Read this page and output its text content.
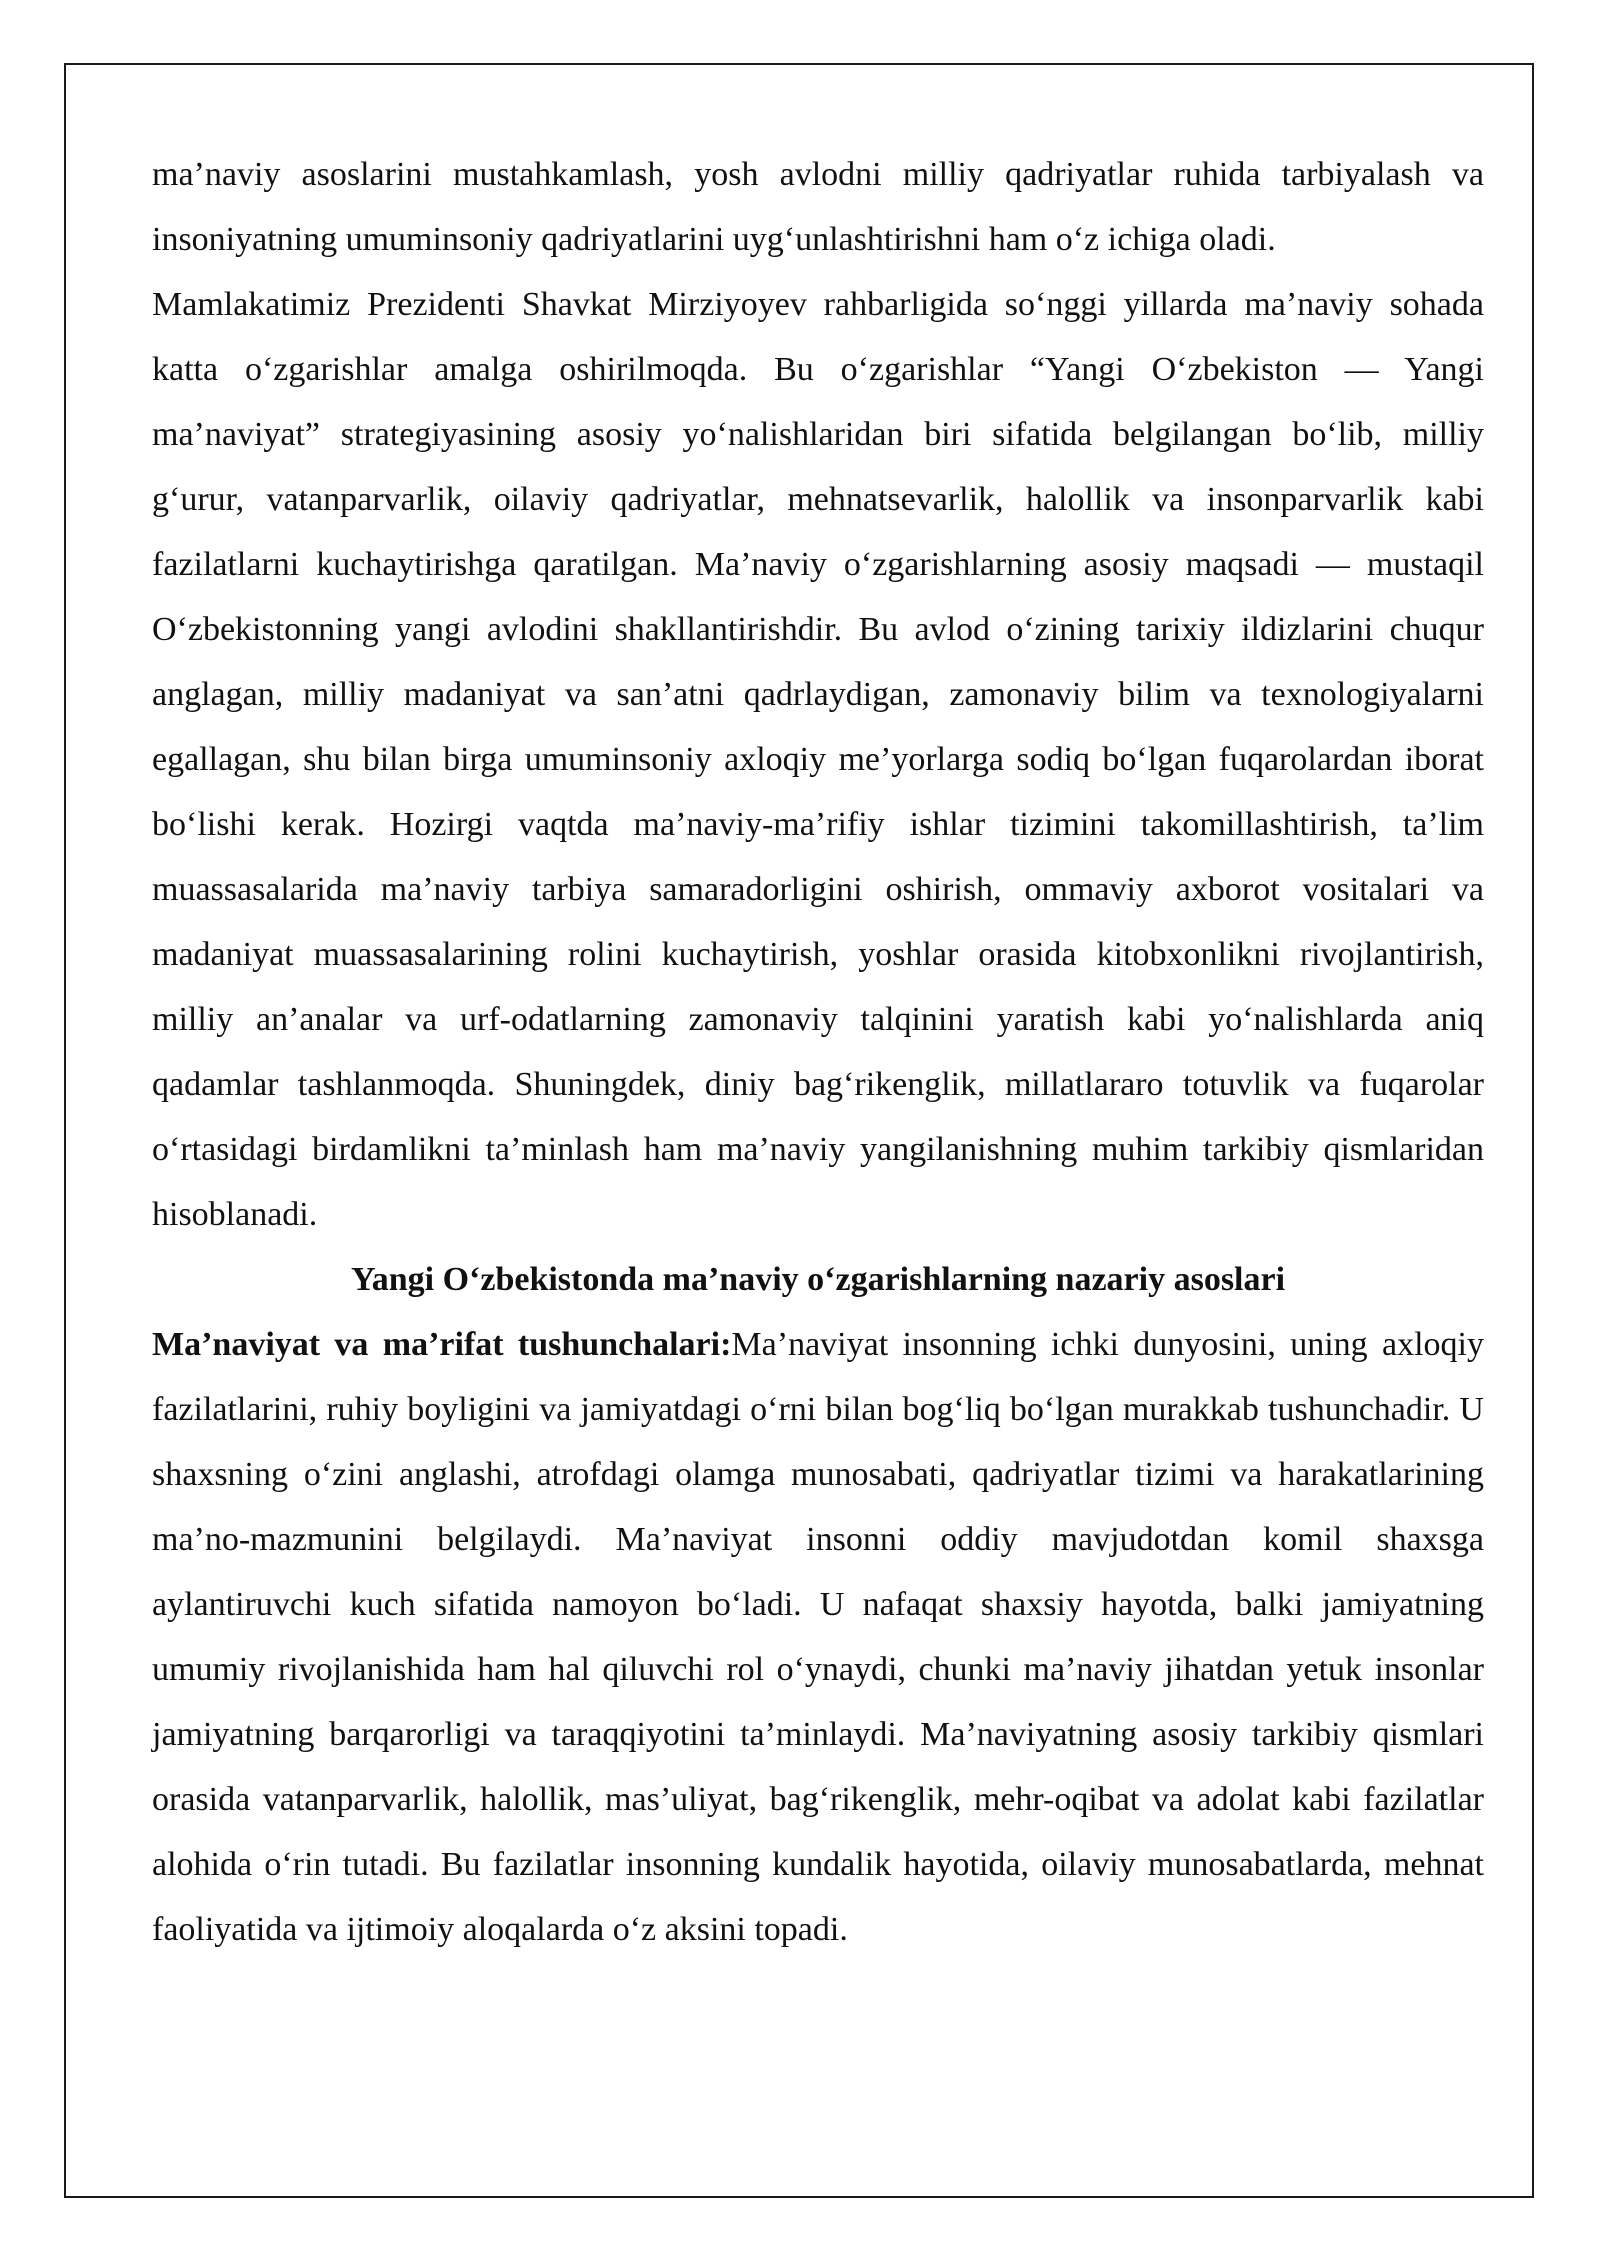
ma’naviy asoslarini mustahkamlash, yosh avlodni milliy qadriyatlar ruhida tarbiyalash va insoniyatning umuminsoniy qadriyatlarini uyg‘unlashtirishni ham o‘z ichiga oladi.

Mamlakatimiz Prezidenti Shavkat Mirziyoyev rahbarligida so‘nggi yillarda ma’naviy sohada katta o‘zgarishlar amalga oshirilmoqda. Bu o‘zgarishlar “Yangi O‘zbekiston — Yangi ma’naviyat” strategiyasining asosiy yo‘nalishlaridan biri sifatida belgilangan bo‘lib, milliy g‘urur, vatanparvarlik, oilaviy qadriyatlar, mehnatsevarlik, halollik va insonparvarlik kabi fazilatlarni kuchaytirishga qaratilgan. Ma’naviy o‘zgarishlarning asosiy maqsadi — mustaqil O‘zbekistonning yangi avlodini shakllantirishdir. Bu avlod o‘zining tarixiy ildizlarini chuqur anglagan, milliy madaniyat va san’atni qadrlaydigan, zamonaviy bilim va texnologiyalarni egallagan, shu bilan birga umuminsoniy axloqiy me’yorlarga sodiq bo‘lgan fuqarolardan iborat bo‘lishi kerak. Hozirgi vaqtda ma’naviy-ma’rifiy ishlar tizimini takomillashtirish, ta’lim muassasalarida ma’naviy tarbiya samaradorligini oshirish, ommaviy axborot vositalari va madaniyat muassasalarining rolini kuchaytirish, yoshlar orasida kitobxonlikni rivojlantirish, milliy an’analar va urf-odatlarning zamonaviy talqinini yaratish kabi yo‘nalishlarda aniq qadamlar tashlanmoqda. Shuningdek, diniy bag‘rikenglik, millatlararo totuvlik va fuqarolar o‘rtasidagi birdamlikni ta’minlash ham ma’naviy yangilanishning muhim tarkibiy qismlaridan hisoblanadi.

Yangi O‘zbekistonda ma’naviy o‘zgarishlarning nazariy asoslari

Ma’naviyat va ma’rifat tushunchalari:Ma’naviyat insonning ichki dunyosini, uning axloqiy fazilatlarini, ruhiy boyligini va jamiyatdagi o‘rni bilan bog‘liq bo‘lgan murakkab tushunchadir. U shaxsning o‘zini anglashi, atrofdagi olamga munosabati, qadriyatlar tizimi va harakatlarining ma’no-mazmunini belgilaydi. Ma’naviyat insonni oddiy mavjudotdan komil shaxsga aylantiruvchi kuch sifatida namoyon bo‘ladi. U nafaqat shaxsiy hayotda, balki jamiyatning umumiy rivojlanishida ham hal qiluvchi rol o‘ynaydi, chunki ma’naviy jihatdan yetuk insonlar jamiyatning barqarorligi va taraqqiyotini ta’minlaydi. Ma’naviyatning asosiy tarkibiy qismlari orasida vatanparvarlik, halollik, mas’uliyat, bag‘rikenglik, mehr-oqibat va adolat kabi fazilatlar alohida o‘rin tutadi. Bu fazilatlar insonning kundalik hayotida, oilaviy munosabatlarda, mehnat faoliyatida va ijtimoiy aloqalarda o‘z aksini topadi.
